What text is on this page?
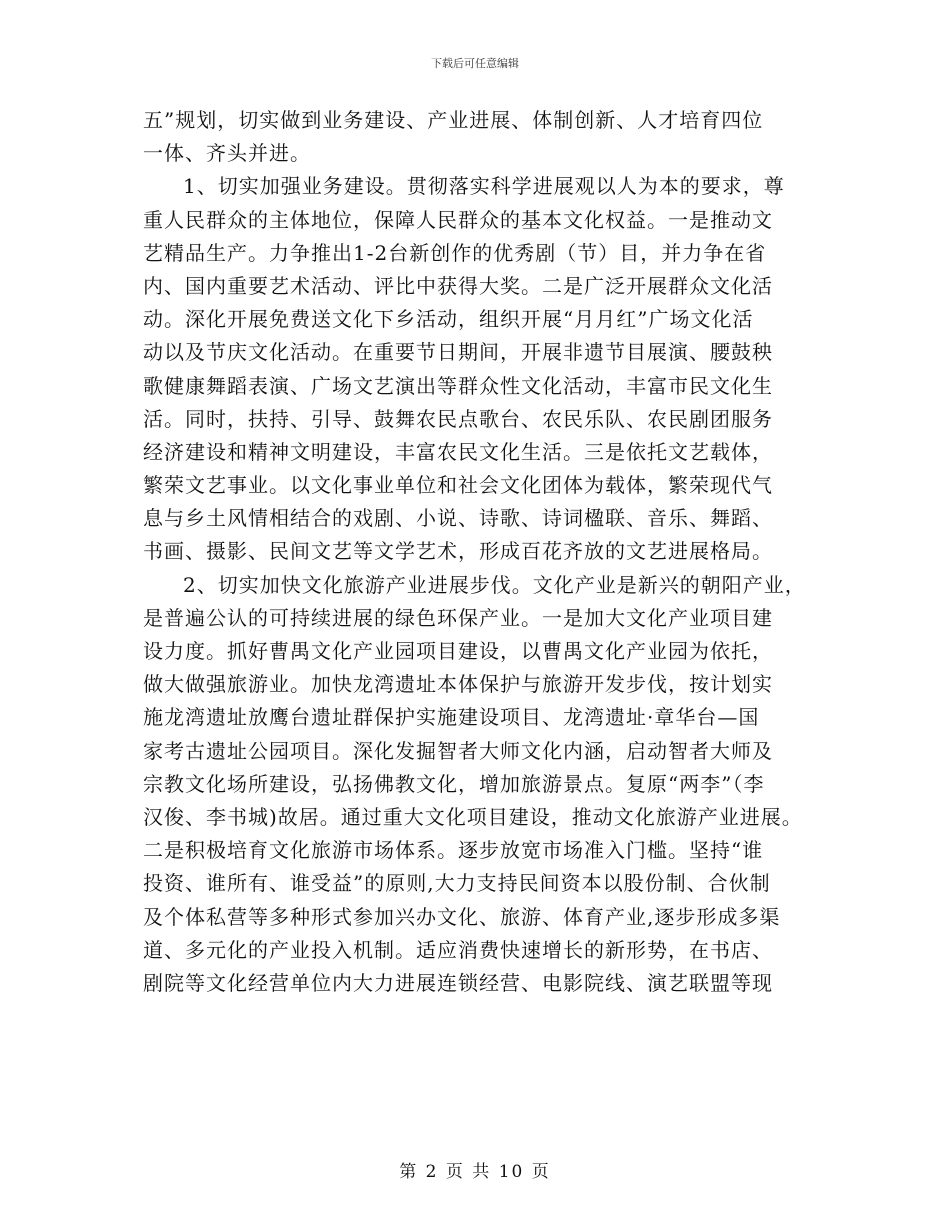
下载后可任意编辑
五”规划，切实做到业务建设、产业进展、体制创新、人才培育四位
一体、齐头并进。
1、切实加强业务建设。贯彻落实科学进展观以人为本的要求，尊
重人民群众的主体地位，保障人民群众的基本文化权益。一是推动文
艺精品生产。力争推出1-2台新创作的优秀剧（节）目，并力争在省
内、国内重要艺术活动、评比中获得大奖。二是广泛开展群众文化活
动。深化开展免费送文化下乡活动，组织开展“月月红”广场文化活
动以及节庆文化活动。在重要节日期间，开展非遗节目展演、腰鼓秧
歌健康舞蹈表演、广场文艺演出等群众性文化活动，丰富市民文化生
活。同时，扶持、引导、鼓舞农民点歌台、农民乐队、农民剧团服务
经济建设和精神文明建设，丰富农民文化生活。三是依托文艺载体，
繁荣文艺事业。以文化事业单位和社会文化团体为载体，繁荣现代气
息与乡土风情相结合的戏剧、小说、诗歌、诗词楹联、音乐、舞蹈、
书画、摄影、民间文艺等文学艺术，形成百花齐放的文艺进展格局。
2、切实加快文化旅游产业进展步伐。文化产业是新兴的朝阳产业，
是普遍公认的可持续进展的绿色环保产业。一是加大文化产业项目建
设力度。抓好曹禺文化产业园项目建设，以曹禺文化产业园为依托，
做大做强旅游业。加快龙湾遗址本体保护与旅游开发步伐，按计划实
施龙湾遗址放鹰台遗址群保护实施建设项目、龙湾遗址·章华台—国
家考古遗址公园项目。深化发掘智者大师文化内涵，启动智者大师及
宗教文化场所建设，弘扬佛教文化，增加旅游景点。复原“两李”（李
汉俊、李书城)故居。通过重大文化项目建设，推动文化旅游产业进展。
二是积极培育文化旅游市场体系。逐步放宽市场准入门槛。坚持“谁
投资、谁所有、谁受益”的原则,大力支持民间资本以股份制、合伙制
及个体私营等多种形式参加兴办文化、旅游、体育产业,逐步形成多渠
道、多元化的产业投入机制。适应消费快速增长的新形势，在书店、
剧院等文化经营单位内大力进展连锁经营、电影院线、演艺联盟等现
第 2 页 共 10 页
